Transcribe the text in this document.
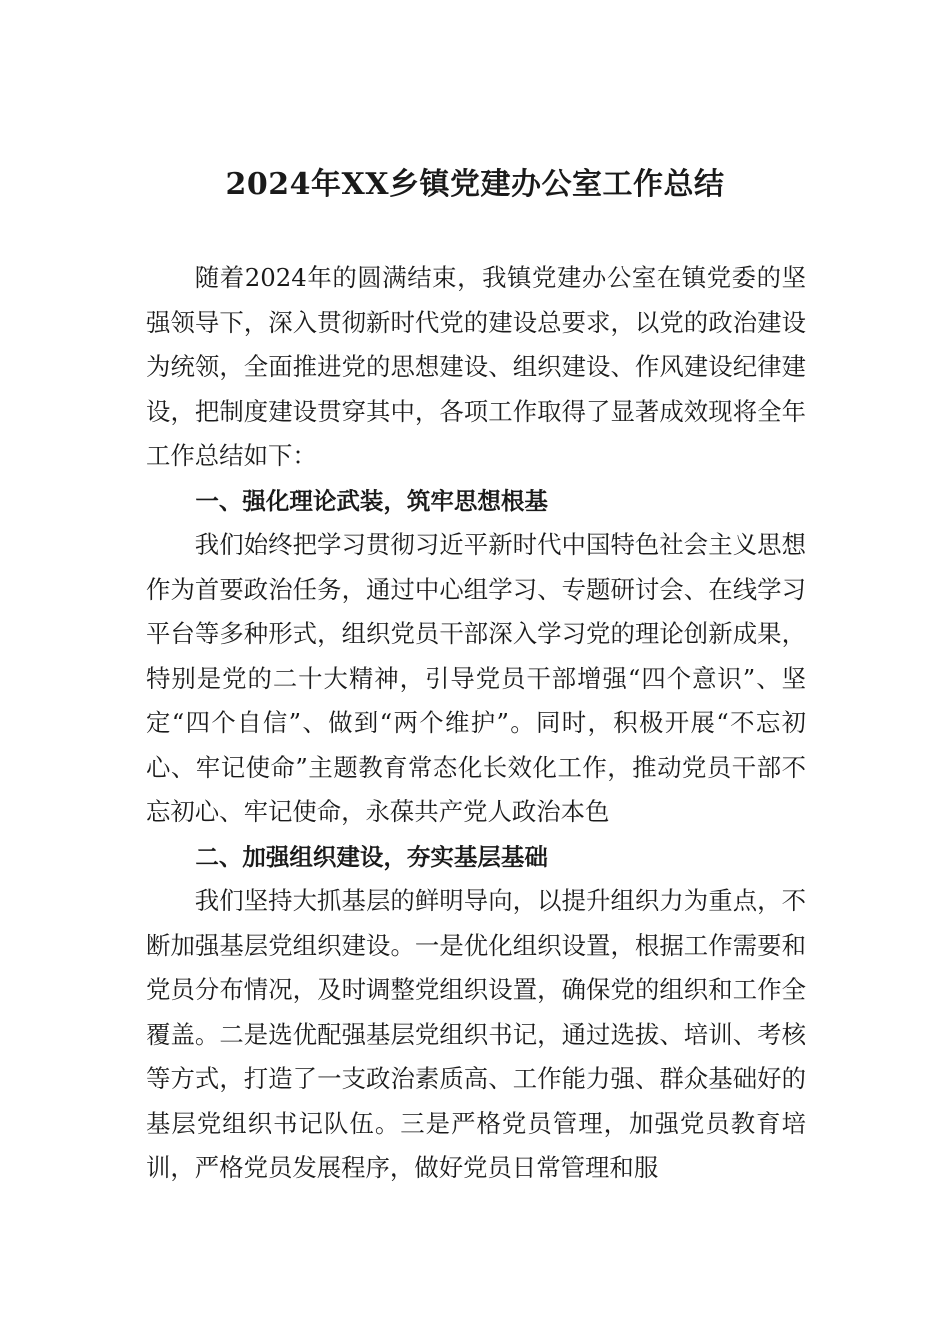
2024年XX乡镇党建办公室工作总结

随着2024年的圆满结束，我镇党建办公室在镇党委的坚强领导下，深入贯彻新时代党的建设总要求，以党的政治建设为统领，全面推进党的思想建设、组织建设、作风建设纪律建设，把制度建设贯穿其中，各项工作取得了显著成效现将全年工作总结如下：

一、强化理论武装，筑牢思想根基

我们始终把学习贯彻习近平新时代中国特色社会主义思想作为首要政治任务，通过中心组学习、专题研讨会、在线学习平台等多种形式，组织党员干部深入学习党的理论创新成果，特别是党的二十大精神，引导党员干部增强“四个意识”、坚定“四个自信”、做到“两个维护”。同时，积极开展“不忘初心、牢记使命”主题教育常态化长效化工作，推动党员干部不忘初心、牢记使命，永葆共产党人政治本色

二、加强组织建设，夯实基层基础

我们坚持大抓基层的鲜明导向，以提升组织力为重点，不断加强基层党组织建设。一是优化组织设置，根据工作需要和党员分布情况，及时调整党组织设置，确保党的组织和工作全覆盖。二是选优配强基层党组织书记，通过选拔、培训、考核等方式，打造了一支政治素质高、工作能力强、群众基础好的基层党组织书记队伍。三是严格党员管理，加强党员教育培训，严格党员发展程序，做好党员日常管理和服
